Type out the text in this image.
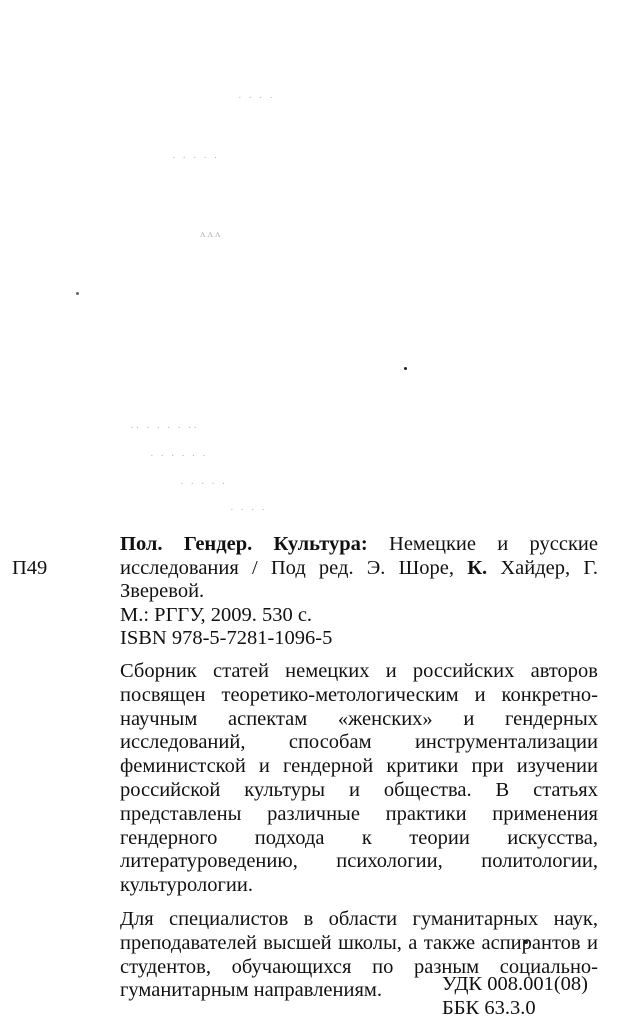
· · · ·
· · · · ·
ᴧᴧᴧ
·· · · · · ··
· · · · · ·
· · · · ·
· · · ·
П49
Пол. Гендер. Культура: Немецкие и русские исследования / Под ред. Э. Шоре, К. Хайдер, Г. Зверевой.
М.: РГГУ, 2009. 530 с.
ISBN 978-5-7281-1096-5

Сборник статей немецких и российских авторов посвящен теоретико-метологическим и конкретно-научным аспектам «женских» и гендерных исследований, способам инструментализации феминистской и гендерной критики при изучении российской культуры и общества. В статьях представлены различные практики применения гендерного подхода к теории искусства, литературоведению, психологии, политологии, культурологии.

Для специалистов в области гуманитарных наук, преподавателей высшей школы, а также аспирантов и студентов, обучающихся по разным социально-гуманитарным направлениям.	УДК 008.001(08)
ББК 63.3.0
